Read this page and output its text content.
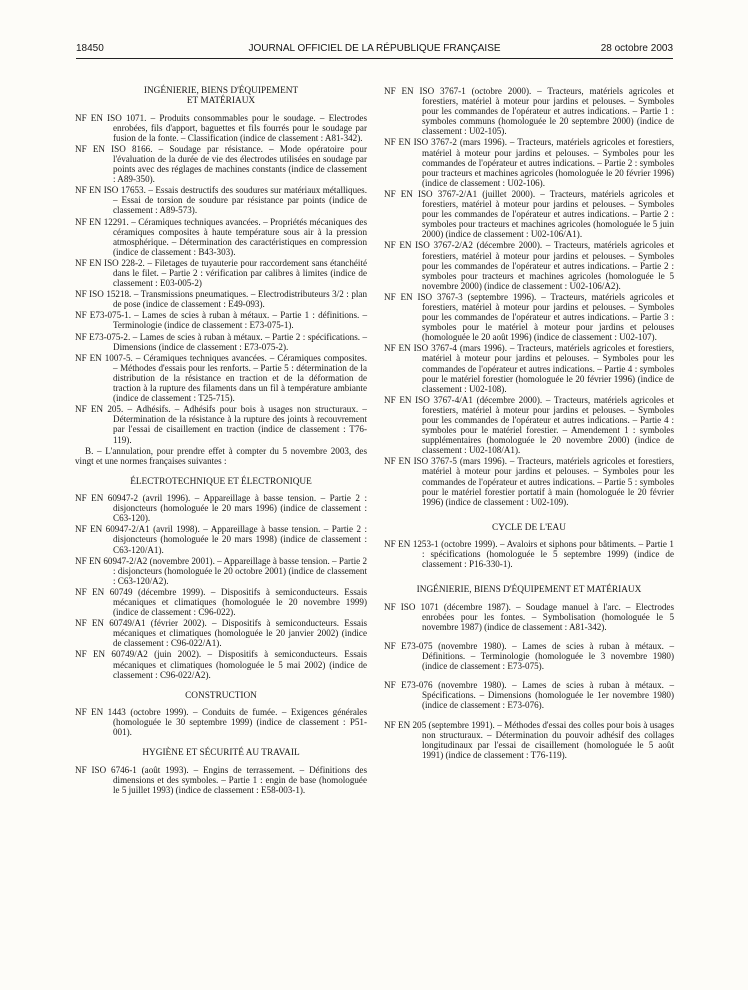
18450	JOURNAL OFFICIEL DE LA RÉPUBLIQUE FRANÇAISE	28 octobre 2003

INGÉNIERIE, BIENS D'ÉQUIPEMENT

ET MATÉRIAUX

NF EN ISO 1071. – Produits consommables pour le soudage. – Electrodes enrobées, fils d'apport, baguettes et fils fourrés pour le soudage par fusion de la fonte. – Classification (indice de classement : A81-342).

NF EN ISO 8166. – Soudage par résistance. – Mode opératoire pour l'évaluation de la durée de vie des électrodes utilisées en soudage par points avec des réglages de machines constants (indice de classement : A89-350).

NF EN ISO 17653. – Essais destructifs des soudures sur matériaux métalliques. – Essai de torsion de soudure par résistance par points (indice de classement : A89-573).

NF EN 12291. – Céramiques techniques avancées. – Propriétés mécaniques des céramiques composites à haute température sous air à la pression atmosphérique. – Détermination des caractéristiques en compression (indice de classement : B43-303).

NF EN ISO 228-2. – Filetages de tuyauterie pour raccordement sans étanchéité dans le filet. – Partie 2 : vérification par calibres à limites (indice de classement : E03-005-2)

NF ISO 15218. – Transmissions pneumatiques. – Electrodistributeurs 3/2 : plan de pose (indice de classement : E49-093).

NF E73-075-1. – Lames de scies à ruban à métaux. – Partie 1 : définitions. – Terminologie (indice de classement : E73-075-1).

NF E73-075-2. – Lames de scies à ruban à métaux. – Partie 2 : spécifications. – Dimensions (indice de classement : E73-075-2).

NF EN 1007-5. – Céramiques techniques avancées. – Céramiques composites. – Méthodes d'essais pour les renforts. – Partie 5 : détermination de la distribution de la résistance en traction et de la déformation de traction à la rupture des filaments dans un fil à température ambiante (indice de classement : T25-715).

NF EN 205. – Adhésifs. – Adhésifs pour bois à usages non structuraux. – Détermination de la résistance à la rupture des joints à recouvrement par l'essai de cisaillement en traction (indice de classement : T76-119).

B. – L'annulation, pour prendre effet à compter du 5 novembre 2003, des vingt et une normes françaises suivantes :

ÉLECTROTECHNIQUE ET ÉLECTRONIQUE

NF EN 60947-2 (avril 1996). – Appareillage à basse tension. – Partie 2 : disjoncteurs (homologuée le 20 mars 1996) (indice de classement : C63-120).

NF EN 60947-2/A1 (avril 1998). – Appareillage à basse tension. – Partie 2 : disjoncteurs (homologuée le 20 mars 1998) (indice de classement : C63-120/A1).

NF EN 60947-2/A2 (novembre 2001). – Appareillage à basse tension. – Partie 2 : disjoncteurs (homologuée le 20 octobre 2001) (indice de classement : C63-120/A2).

NF EN 60749 (décembre 1999). – Dispositifs à semiconducteurs. Essais mécaniques et climatiques (homologuée le 20 novembre 1999) (indice de classement : C96-022).

NF EN 60749/A1 (février 2002). – Dispositifs à semiconducteurs. Essais mécaniques et climatiques (homologuée le 20 janvier 2002) (indice de classement : C96-022/A1).

NF EN 60749/A2 (juin 2002). – Dispositifs à semiconducteurs. Essais mécaniques et climatiques (homologuée le 5 mai 2002) (indice de classement : C96-022/A2).

CONSTRUCTION

NF EN 1443 (octobre 1999). – Conduits de fumée. – Exigences générales (homologuée le 30 septembre 1999) (indice de classement : P51-001).

HYGIÈNE ET SÉCURITÉ AU TRAVAIL

NF ISO 6746-1 (août 1993). – Engins de terrassement. – Définitions des dimensions et des symboles. – Partie 1 : engin de base (homologuée le 5 juillet 1993) (indice de classement : E58-003-1).

NF EN ISO 3767-1 (octobre 2000). – Tracteurs, matériels agricoles et forestiers, matériel à moteur pour jardins et pelouses. – Symboles pour les commandes de l'opérateur et autres indications. – Partie 1 : symboles communs (homologuée le 20 septembre 2000) (indice de classement : U02-105).

NF EN ISO 3767-2 (mars 1996). – Tracteurs, matériels agricoles et forestiers, matériel à moteur pour jardins et pelouses. – Symboles pour les commandes de l'opérateur et autres indications. – Partie 2 : symboles pour tracteurs et machines agricoles (homologuée le 20 février 1996) (indice de classement : U02-106).

NF EN ISO 3767-2/A1 (juillet 2000). – Tracteurs, matériels agricoles et forestiers, matériel à moteur pour jardins et pelouses. – Symboles pour les commandes de l'opérateur et autres indications. – Partie 2 : symboles pour tracteurs et machines agricoles (homologuée le 5 juin 2000) (indice de classement : U02-106/A1).

NF EN ISO 3767-2/A2 (décembre 2000). – Tracteurs, matériels agricoles et forestiers, matériel à moteur pour jardins et pelouses. – Symboles pour les commandes de l'opérateur et autres indications. – Partie 2 : symboles pour tracteurs et machines agricoles (homologuée le 5 novembre 2000) (indice de classement : U02-106/A2).

NF EN ISO 3767-3 (septembre 1996). – Tracteurs, matériels agricoles et forestiers, matériel à moteur pour jardins et pelouses. – Symboles pour les commandes de l'opérateur et autres indications. – Partie 3 : symboles pour le matériel à moteur pour jardins et pelouses (homologuée le 20 août 1996) (indice de classement : U02-107).

NF EN ISO 3767-4 (mars 1996). – Tracteurs, matériels agricoles et forestiers, matériel à moteur pour jardins et pelouses. – Symboles pour les commandes de l'opérateur et autres indications. – Partie 4 : symboles pour le matériel forestier (homologuée le 20 février 1996) (indice de classement : U02-108).

NF EN ISO 3767-4/A1 (décembre 2000). – Tracteurs, matériels agricoles et forestiers, matériel à moteur pour jardins et pelouses. – Symboles pour les commandes de l'opérateur et autres indications. – Partie 4 : symboles pour le matériel forestier. – Amendement 1 : symboles supplémentaires (homologuée le 20 novembre 2000) (indice de classement : U02-108/A1).

NF EN ISO 3767-5 (mars 1996). – Tracteurs, matériels agricoles et forestiers, matériel à moteur pour jardins et pelouses. – Symboles pour les commandes de l'opérateur et autres indications. – Partie 5 : symboles pour le matériel forestier portatif à main (homologuée le 20 février 1996) (indice de classement : U02-109).

CYCLE DE L'EAU

NF EN 1253-1 (octobre 1999). – Avaloirs et siphons pour bâtiments. – Partie 1 : spécifications (homologuée le 5 septembre 1999) (indice de classement : P16-330-1).

INGÉNIERIE, BIENS D'ÉQUIPEMENT ET MATÉRIAUX

NF ISO 1071 (décembre 1987). – Soudage manuel à l'arc. – Electrodes enrobées pour les fontes. – Symbolisation (homologuée le 5 novembre 1987) (indice de classement : A81-342).

NF E73-075 (novembre 1980). – Lames de scies à ruban à métaux. – Définitions. – Terminologie (homologuée le 3 novembre 1980) (indice de classement : E73-075).

NF E73-076 (novembre 1980). – Lames de scies à ruban à métaux. – Spécifications. – Dimensions (homologuée le 1er novembre 1980) (indice de classement : E73-076).

NF EN 205 (septembre 1991). – Méthodes d'essai des colles pour bois à usages non structuraux. – Détermination du pouvoir adhésif des collages longitudinaux par l'essai de cisaillement (homologuée le 5 août 1991) (indice de classement : T76-119).
